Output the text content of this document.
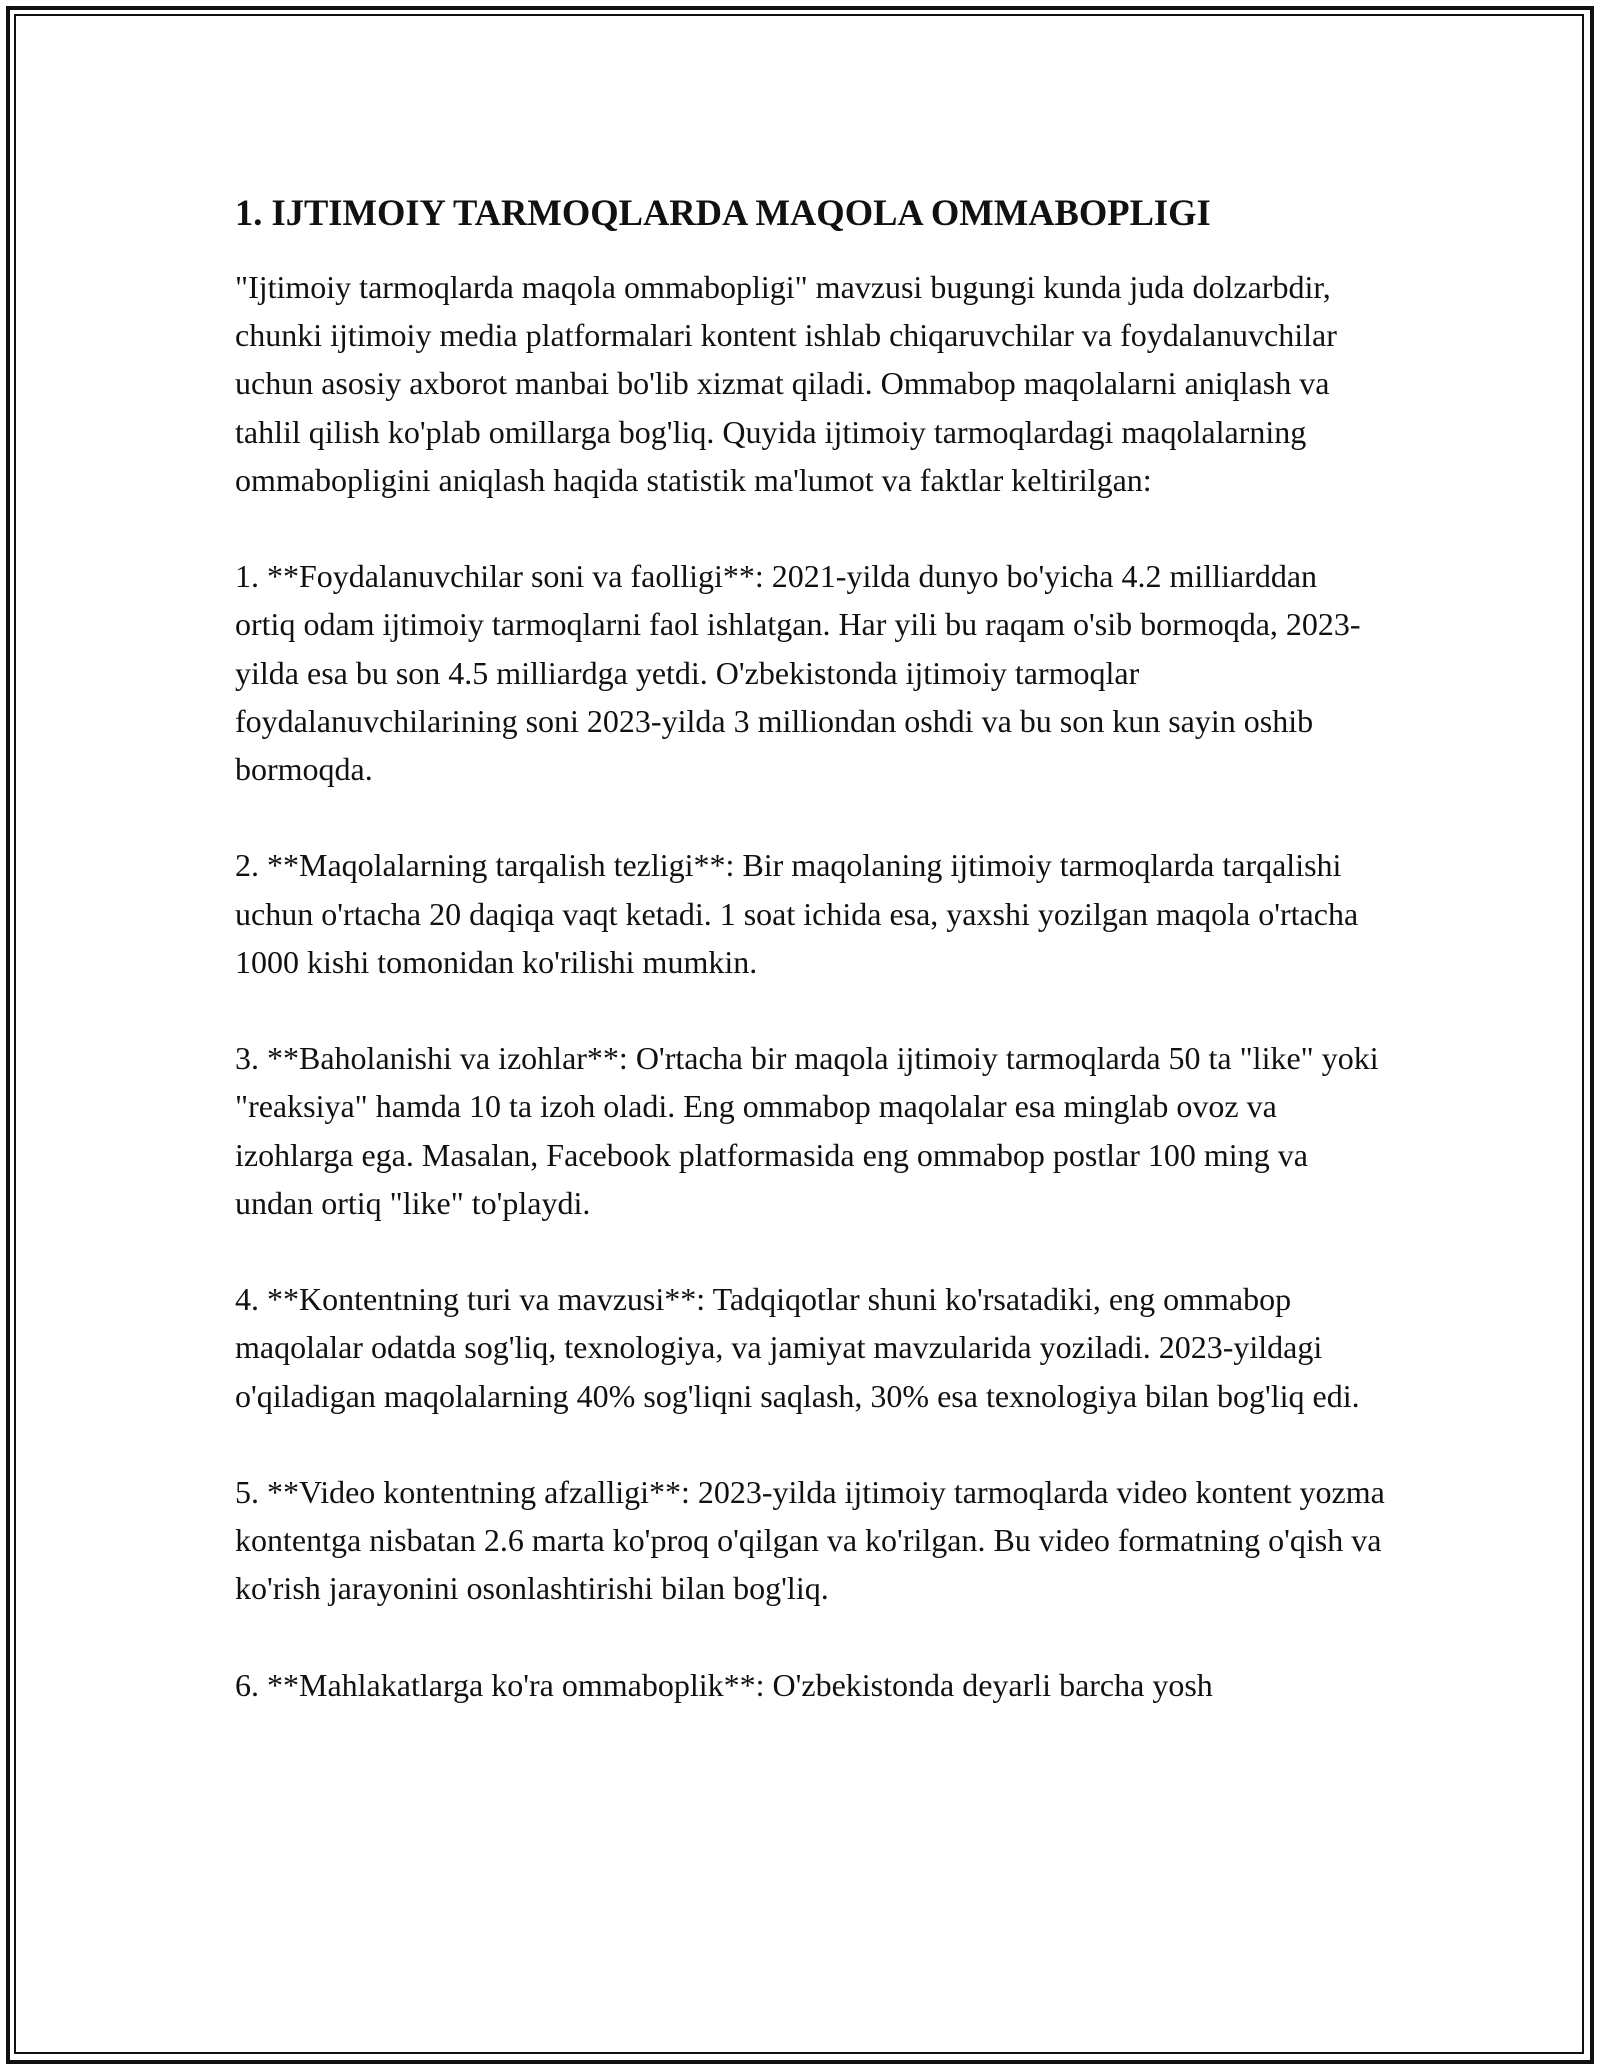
1. IJTIMOIY TARMOQLARDA MAQOLA OMMABOPLIGI

"Ijtimoiy tarmoqlarda maqola ommabopligi" mavzusi bugungi kunda juda dolzarbdir, chunki ijtimoiy media platformalari kontent ishlab chiqaruvchilar va foydalanuvchilar uchun asosiy axborot manbai bo'lib xizmat qiladi. Ommabop maqolalarni aniqlash va tahlil qilish ko'plab omillarga bog'liq. Quyida ijtimoiy tarmoqlardagi maqolalarning ommabopligini aniqlash haqida statistik ma'lumot va faktlar keltirilgan:

1. **Foydalanuvchilar soni va faolligi**: 2021-yilda dunyo bo'yicha 4.2 milliarddan ortiq odam ijtimoiy tarmoqlarni faol ishlatgan. Har yili bu raqam o'sib bormoqda, 2023-yilda esa bu son 4.5 milliardga yetdi. O'zbekistonda ijtimoiy tarmoqlar foydalanuvchilarining soni 2023-yilda 3 milliondan oshdi va bu son kun sayin oshib bormoqda.

2. **Maqolalarning tarqalish tezligi**: Bir maqolaning ijtimoiy tarmoqlarda tarqalishi uchun o'rtacha 20 daqiqa vaqt ketadi. 1 soat ichida esa, yaxshi yozilgan maqola o'rtacha 1000 kishi tomonidan ko'rilishi mumkin.

3. **Baholanishi va izohlar**: O'rtacha bir maqola ijtimoiy tarmoqlarda 50 ta "like" yoki "reaksiya" hamda 10 ta izoh oladi. Eng ommabop maqolalar esa minglab ovoz va izohlarga ega. Masalan, Facebook platformasida eng ommabop postlar 100 ming va undan ortiq "like" to'playdi.

4. **Kontentning turi va mavzusi**: Tadqiqotlar shuni ko'rsatadiki, eng ommabop maqolalar odatda sog'liq, texnologiya, va jamiyat mavzularida yoziladi. 2023-yildagi o'qiladigan maqolalarning 40% sog'liqni saqlash, 30% esa texnologiya bilan bog'liq edi.

5. **Video kontentning afzalligi**: 2023-yilda ijtimoiy tarmoqlarda video kontent yozma kontentga nisbatan 2.6 marta ko'proq o'qilgan va ko'rilgan. Bu video formatning o'qish va ko'rish jarayonini osonlashtirishi bilan bog'liq.

6. **Mahlakatlarga ko'ra ommaboplik**: O'zbekistonda deyarli barcha yosh
